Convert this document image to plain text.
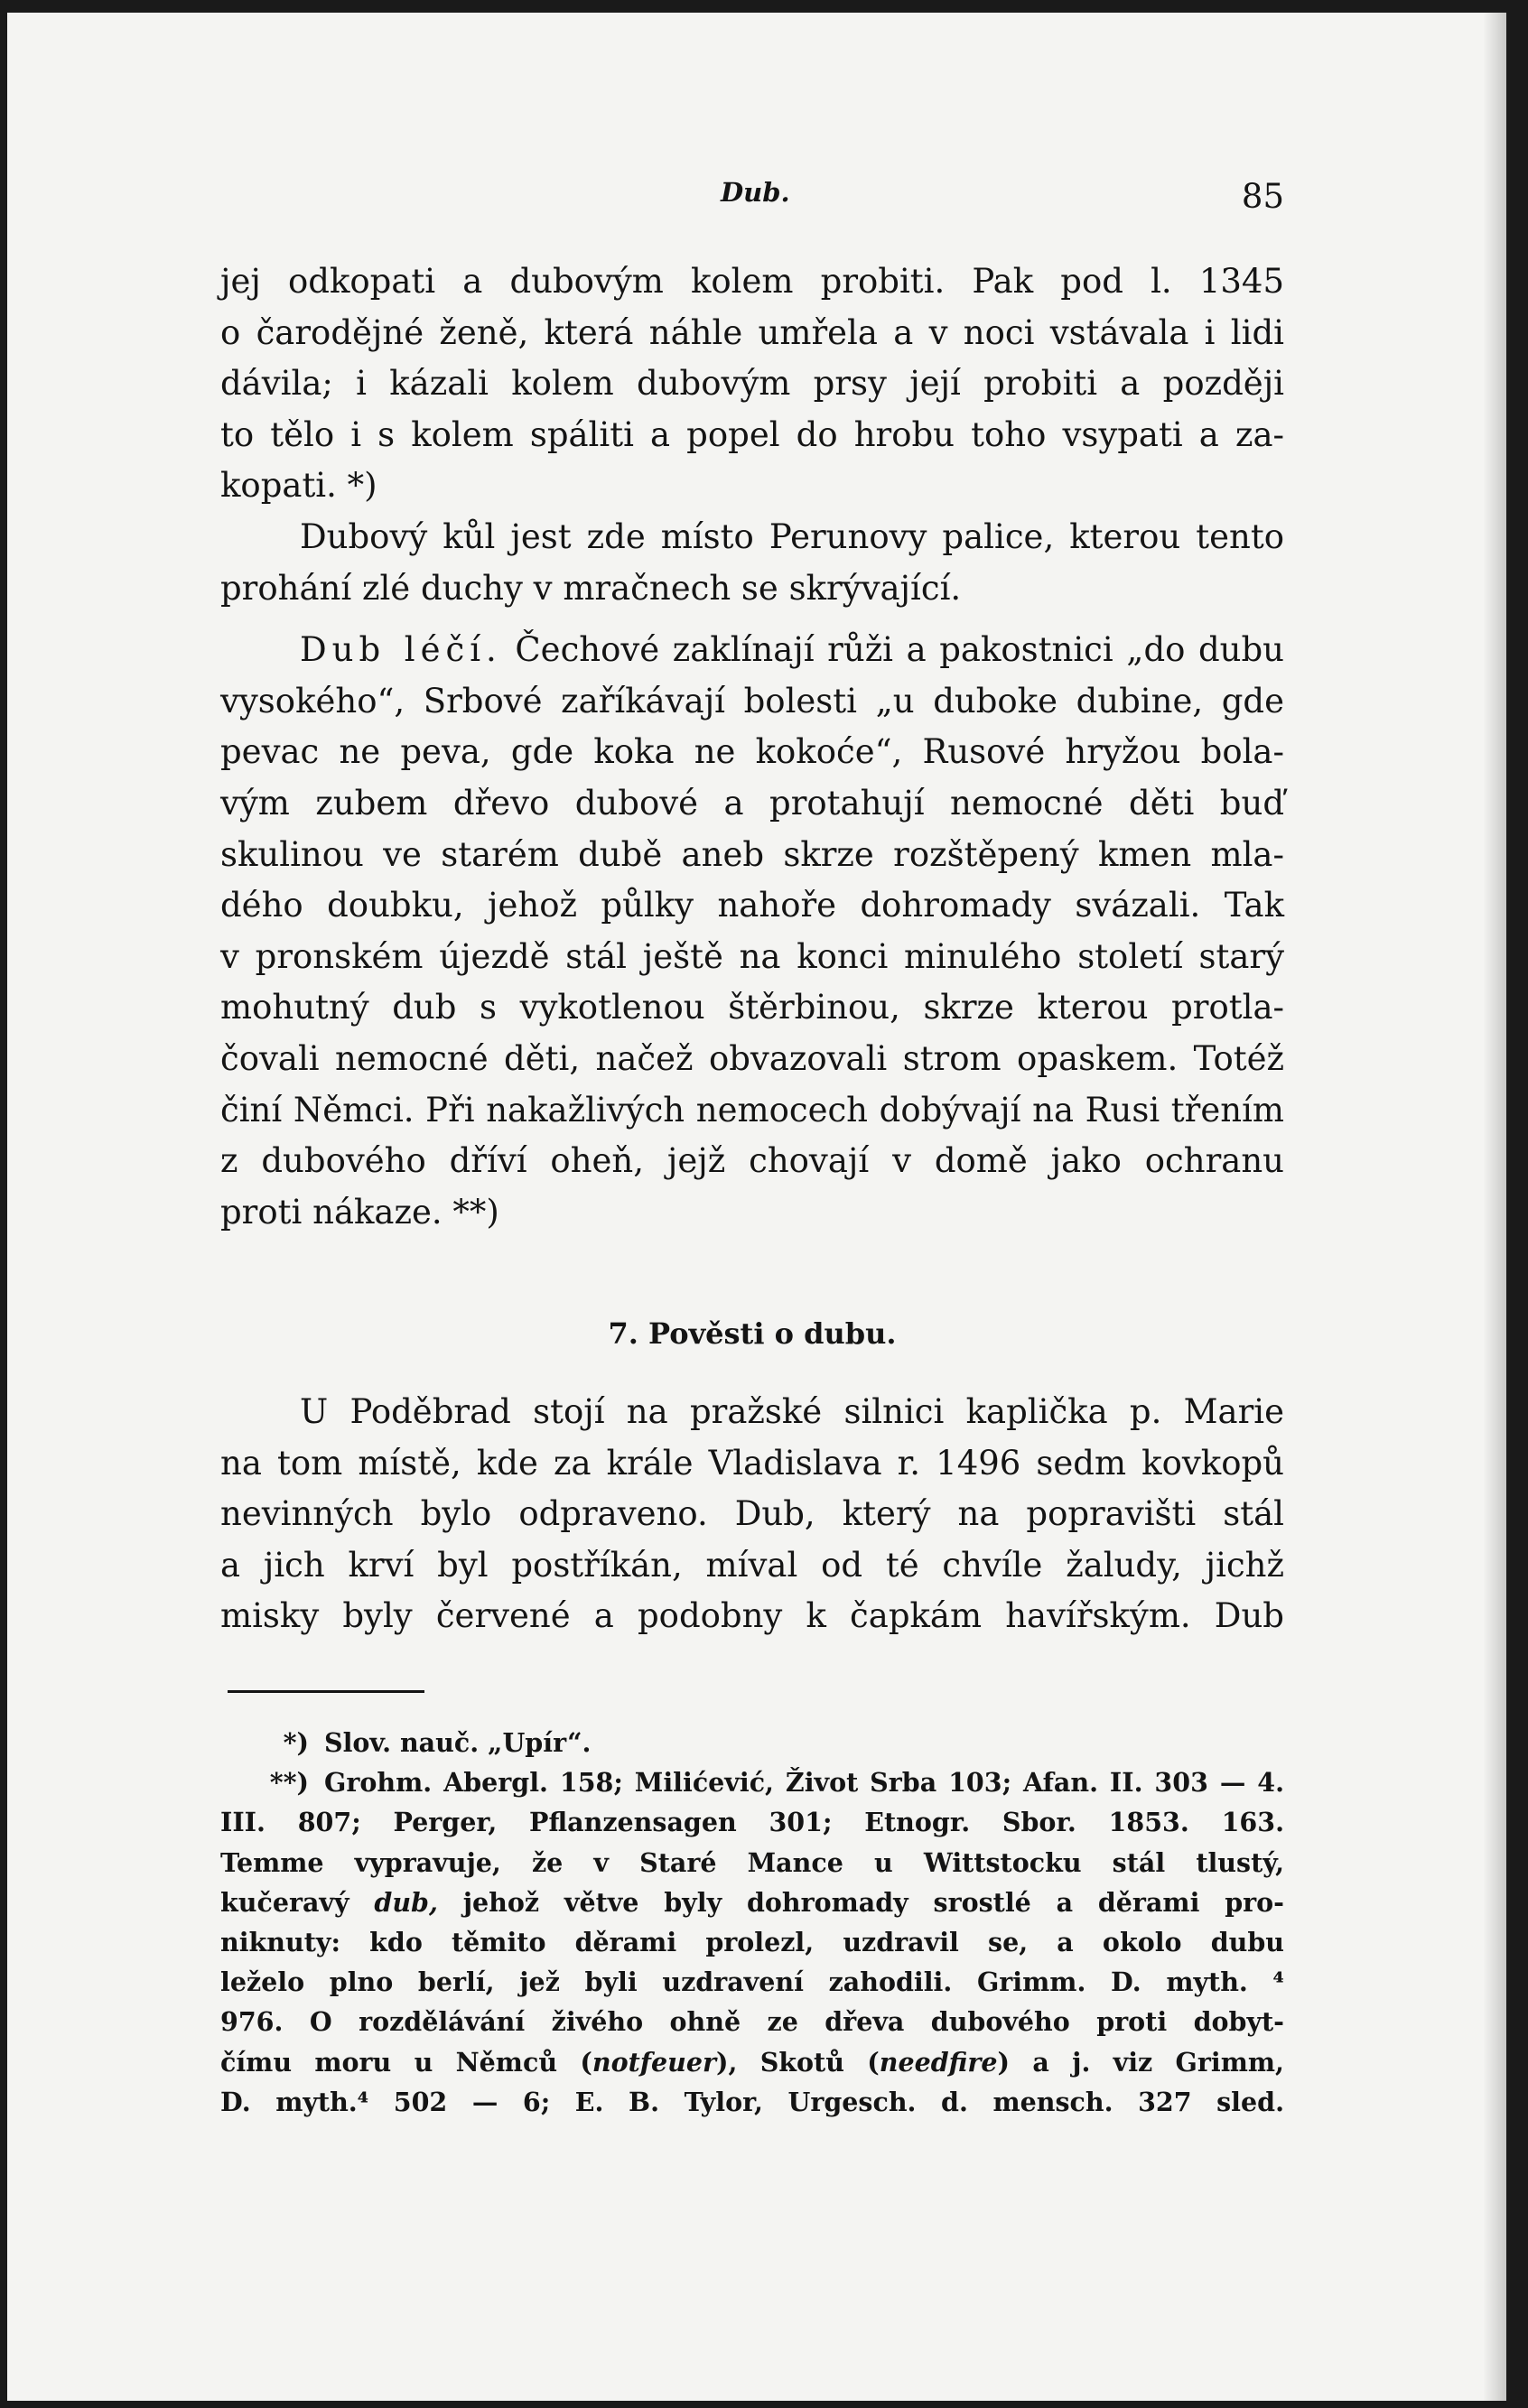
Dub.	85
jej odkopati a dubovým kolem probiti. Pak pod l. 1345
o čarodějné ženě, která náhle umřela a v noci vstávala i lidi
dávila; i kázali kolem dubovým prsy její probiti a později
to tělo i s kolem spáliti a popel do hrobu toho vsypati a za-
kopati. *)
Dubový kůl jest zde místo Perunovy palice, kterou tento
prohání zlé duchy v mračnech se skrývající.
Dub léčí. Čechové zaklínají růži a pakostnici „do dubu
vysokého“, Srbové zaříkávají bolesti „u duboke dubine, gde
pevac ne peva, gde koka ne kokoće“, Rusové hryžou bola-
vým zubem dřevo dubové a protahují nemocné děti buď
skulinou ve starém dubě aneb skrze rozštěpený kmen mla-
dého doubku, jehož půlky nahoře dohromady svázali. Tak
v pronském újezdě stál ještě na konci minulého století starý
mohutný dub s vykotlenou štěrbinou, skrze kterou protla-
čovali nemocné děti, načež obvazovali strom opaskem. Totéž
činí Němci. Při nakažlivých nemocech dobývají na Rusi třením
z dubového dříví oheň, jejž chovají v domě jako ochranu
proti nákaze. **)
7. Pověsti o dubu.
U Poděbrad stojí na pražské silnici kaplička p. Marie
na tom místě, kde za krále Vladislava r. 1496 sedm kovkopů
nevinných bylo odpraveno. Dub, který na popravišti stál
a jich krví byl postříkán, míval od té chvíle žaludy, jichž
misky byly červené a podobny k čapkám havířským. Dub
*) Slov. nauč. „Upír“.
**) Grohm. Abergl. 158; Milićević, Život Srba 103; Afan. II. 303 — 4.
III. 807; Perger, Pflanzensagen 301; Etnogr. Sbor. 1853. 163.
Temme vypravuje, že v Staré Mance u Wittstocku stál tlustý,
kučeravý dub, jehož větve byly dohromady srostlé a děrami pro-
niknuty: kdo těmito děrami prolezl, uzdravil se, a okolo dubu
leželo plno berlí, jež byli uzdravení zahodili. Grimm. D. myth. ⁴
976. O rozdělávání živého ohně ze dřeva dubového proti dobyt-
čímu moru u Němců (notfeuer), Skotů (needfire) a j. viz Grimm,
D. myth.⁴ 502 — 6; E. B. Tylor, Urgesch. d. mensch. 327 sled.
